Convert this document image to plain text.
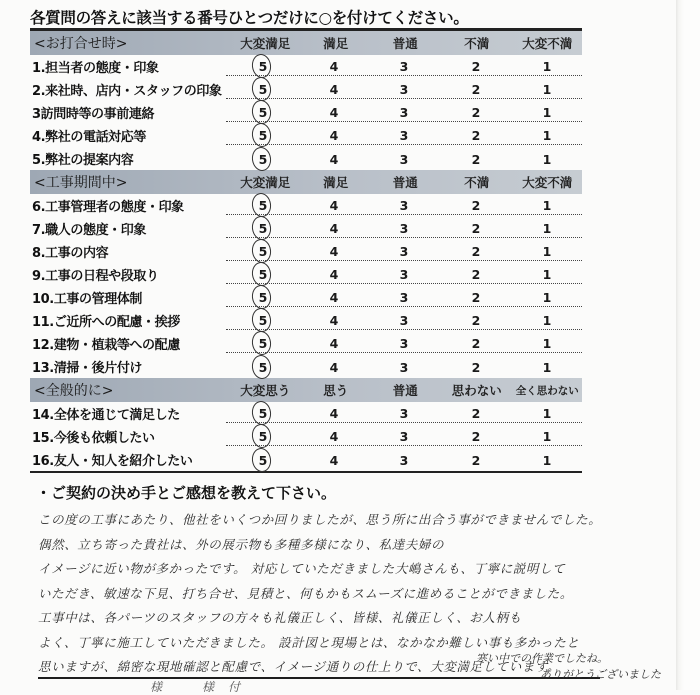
各質問の答えに該当する番号ひとつだけに○を付けてください。
<お打合せ時>	大変満足	満足	普通	不満	大変不満
1.担当者の態度・印象	5	4	3	2	1
2.来社時、店内・スタッフの印象	5	4	3	2	1
3訪問時等の事前連絡	5	4	3	2	1
4.弊社の電話対応等	5	4	3	2	1
5.弊社の提案内容	5	4	3	2	1
<工事期間中>	大変満足	満足	普通	不満	大変不満
6.工事管理者の態度・印象	5	4	3	2	1
7.職人の態度・印象	5	4	3	2	1
8.工事の内容	5	4	3	2	1
9.工事の日程や段取り	5	4	3	2	1
10.工事の管理体制	5	4	3	2	1
11.ご近所への配慮・挨拶	5	4	3	2	1
12.建物・植栽等への配慮	5	4	3	2	1
13.清掃・後片付け	5	4	3	2	1
<全般的に>	大変思う	思う	普通	思わない	全く思わない
14.全体を通じて満足した	5	4	3	2	1
15.今後も依頼したい	5	4	3	2	1
16.友人・知人を紹介したい	5	4	3	2	1
・ご契約の決め手とご感想を教えて下さい。
この度の工事にあたり、他社をいくつか回りましたが、思う所に出合う事ができませんでした。
偶然、立ち寄った貴社は、外の展示物も多種多様になり、私達夫婦の
イメージに近い物が多かったです。 対応していただきました大嶋さんも、丁寧に説明して
いただき、敏速な下見、打ち合せ、見積と、何もかもスムーズに進めることができました。
工事中は、各パーツのスタッフの方々も礼儀正しく、皆様、礼儀正しく、お人柄も
よく、丁寧に施工していただきました。 設計図と現場とは、なかなか難しい事も多かったと
思いますが、綿密な現地確認と配慮で、イメージ通りの仕上りで、大変満足しています。
寒い中での作業でしたね。
ありがとうございました
様　様付
